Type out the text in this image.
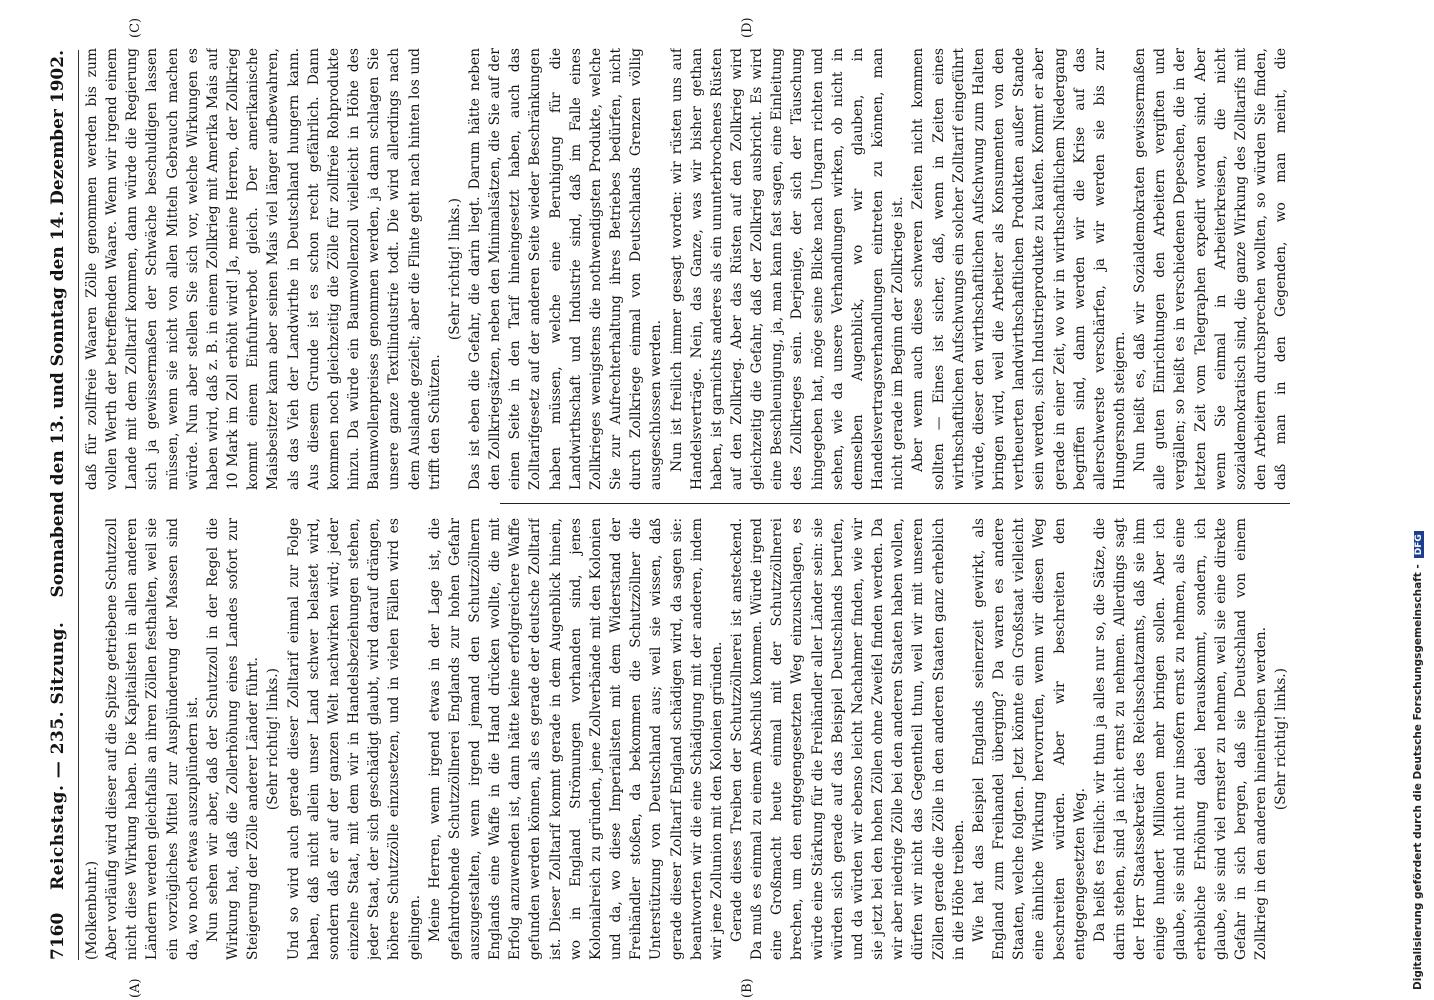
7160
Reichstag. — 235. Sitzung.
Sonnabend den 13. und Sonntag den 14. Dezember 1902.
(A)	(B)
(C)	(D)

(Molkenbuhr.) Aber vorläufig wird dieser auf die Spitze getriebene Schutzzoll nicht diese Wirkung haben. Die Kapitalisten in allen anderen Ländern werden gleichfalls an ihren Zöllen festhalten, weil sie ein vorzügliches Mittel zur Ausplünderung der Massen sind da, wo noch etwas auszuplündern ist. Nun sehen wir aber, daß der Schutzzoll in der Regel die Wirkung hat, daß die Zollerhöhung eines Landes sofort zur Steigerung der Zölle anderer Länder führt. (Sehr richtig! links.) Und so wird auch gerade dieser Zolltarif einmal zur Folge haben, daß nicht allein unser Land schwer belastet wird, sondern daß er auf der ganzen Welt nachwirken wird; jeder einzelne Staat, mit dem wir in Handelsbeziehungen stehen, jeder Staat, der sich geschädigt glaubt, wird darauf drängen, höhere Schutzzölle einzusetzen, und in vielen Fällen wird es gelingen. Meine Herren, wenn irgend etwas in der Lage ist, die gefahrdrohende Schutzzöllnerei Englands zur hohen Gefahr auszugestalten, wenn irgend jemand den Schutzzöllnern Englands eine Waffe in die Hand drücken wollte, die mit Erfolg anzuwenden ist, dann hätte keine erfolgreichere Waffe gefunden werden können, als es gerade der deutsche Zolltarif ist. Dieser Zolltarif kommt gerade in dem Augenblick hinein, wo in England Strömungen vorhanden sind, jenes Kolonialreich zu gründen, jene Zollverbände mit den Kolonien und da, wo diese Imperialisten mit dem Widerstand der Freihändler stoßen, da bekommen die Schutzzöllner die Unterstützung von Deutschland aus; weil sie wissen, daß gerade dieser Zolltarif England schädigen wird, da sagen sie: beantworten wir die eine Schädigung mit der anderen, indem wir jene Zollunion mit den Kolonien gründen. Gerade dieses Treiben der Schutzzöllnerei ist ansteckend. Da muß es einmal zu einem Abschluß kommen. Würde irgend eine Großmacht heute einmal mit der Schutzzöllnerei brechen, um den entgegengesetzten Weg einzuschlagen, es würde eine Stärkung für die Freihändler aller Länder sein: sie würden sich gerade auf das Beispiel Deutschlands berufen, und da würden wir ebenso leicht Nachahmer finden, wie wir sie jetzt bei den hohen Zöllen ohne Zweifel finden werden. Da wir aber niedrige Zölle bei den anderen Staaten haben wollen, dürfen wir nicht das Gegentheil thun, weil wir mit unseren Zöllen gerade die Zölle in den anderen Staaten ganz erheblich in die Höhe treiben. Wie hat das Beispiel Englands seinerzeit gewirkt, als England zum Freihandel überging? Da waren es andere Staaten, welche folgten. Jetzt könnte ein Großstaat vielleicht eine ähnliche Wirkung hervorrufen, wenn wir diesen Weg beschreiten würden. Aber wir beschreiten den entgegengesetzten Weg. Da heißt es freilich: wir thun ja alles nur so, die Sätze, die darin stehen, sind ja nicht ernst zu nehmen. Allerdings sagt der Herr Staatssekretär des Reichsschatzamts, daß sie ihm einige hundert Millionen mehr bringen sollen. Aber ich glaube, sie sind nicht nur insofern ernst zu nehmen, als eine erhebliche Erhöhung dabei herauskommt, sondern, ich glaube, sie sind viel ernster zu nehmen, weil sie eine direkte Gefahr in sich bergen, daß sie Deutschland von einem Zollkrieg in den anderen hineintreiben werden. (Sehr richtig! links.)

daß für zollfreie Waaren Zölle genommen werden bis zum vollen Werth der betreffenden Waare. Wenn wir irgend einem Lande mit dem Zolltarif kommen, dann würde die Regierung sich ja gewissermaßen der Schwäche beschuldigen lassen müssen, wenn sie nicht von allen Mitteln Gebrauch machen würde. Nun aber stellen Sie sich vor, welche Wirkungen es haben wird, daß z. B. in einem Zollkrieg mit Amerika Mais auf 10 Mark im Zoll erhöht wird! Ja, meine Herren, der Zollkrieg kommt einem Einfuhrverbot gleich. Der amerikanische Maisbesitzer kann aber seinen Mais viel länger aufbewahren, als das Vieh der Landwirthe in Deutschland hungern kann. Aus diesem Grunde ist es schon recht gefährlich. Dann kommen noch gleichzeitig die Zölle für zollfreie Rohprodukte hinzu. Da würde ein Baumwollenzoll vielleicht in Höhe des Baumwollenpreises genommen werden, ja dann schlagen Sie unsere ganze Textilindustrie todt. Die wird allerdings nach dem Auslande gezielt; aber die Flinte geht nach hinten los und trifft den Schützen.

(Sehr richtig! links.) Das ist eben die Gefahr, die darin liegt. Darum hätte neben den Zollkriegsätzen, neben den Minimalsätzen, die Sie auf der einen Seite in den Tarif hineingesetzt haben, auch das Zolltarifgesetz auf der anderen Seite wieder Beschränkungen haben müssen, welche eine Beruhigung für die Landwirthschaft und Industrie sind, daß im Falle eines Zollkrieges wenigstens die nothwendigsten Produkte, welche Sie zur Aufrechterhaltung ihres Betriebes bedürfen, nicht durch Zollkriege einmal von Deutschlands Grenzen völlig ausgeschlossen werden. Nun ist freilich immer gesagt worden: wir rüsten uns auf Handelsverträge. Nein, das Ganze, was wir bisher gethan haben, ist garnichts anderes als ein ununterbrochenes Rüsten auf den Zollkrieg. Aber das Rüsten auf den Zollkrieg wird gleichzeitig die Gefahr, daß der Zollkrieg ausbricht. Es wird eine Beschleunigung, ja, man kann fast sagen, eine Einleitung des Zollkrieges sein. Derjenige, der sich der Täuschung hingegeben hat, möge seine Blicke nach Ungarn richten und sehen, wie da unsere Verhandlungen wirken, ob nicht in demselben Augenblick, wo wir glauben, in Handelsvertragsverhandlungen eintreten zu können, man nicht gerade im Beginn der Zollkriege ist. Aber wenn auch diese schweren Zeiten nicht kommen sollten — Eines ist sicher, daß, wenn in Zeiten eines wirthschaftlichen Aufschwungs ein solcher Zolltarif eingeführt würde, dieser den wirthschaftlichen Aufschwung zum Halten bringen wird, weil die Arbeiter als Konsumenten von den vertheuerten landwirthschaftlichen Produkten außer Stande sein werden, sich Industrieprodukte zu kaufen. Kommt er aber gerade in einer Zeit, wo wir in wirthschaftlichem Niedergang begriffen sind, dann werden wir die Krise auf das allerschwerste verschärfen, ja wir werden sie bis zur Hungersnoth steigern. Nun heißt es, daß wir Sozialdemokraten gewissermaßen alle guten Einrichtungen den Arbeitern vergiften und vergällen; so heißt es in verschiedenen Depeschen, die in der letzten Zeit vom Telegraphen expedirt worden sind. Aber wenn Sie einmal in Arbeiterkreisen, die nicht sozialdemokratisch sind, die ganze Wirkung des Zolltarifs mit den Arbeitern durchsprechen wollten, so würden Sie finden, daß man in den Gegenden, wo man meint, die

Digitalisierung gefördert durch die Deutsche Forschungsgemeinschaft -DFG
